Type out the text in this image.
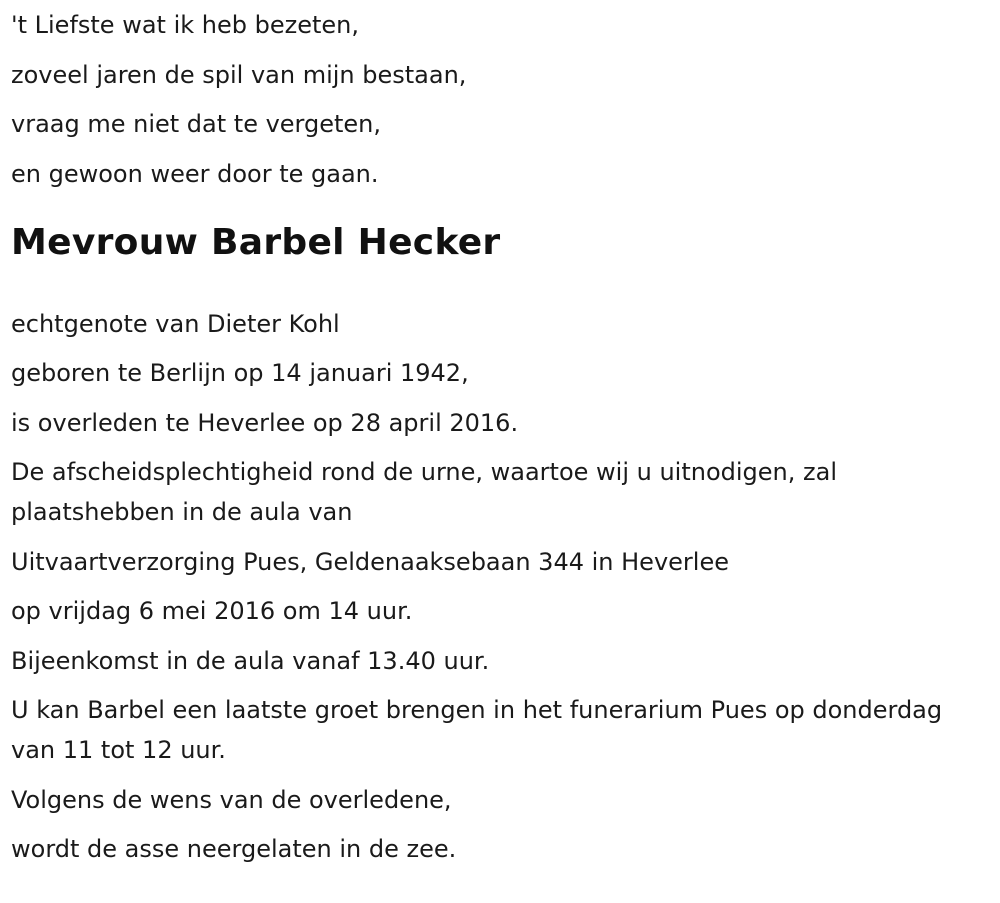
't Liefste wat ik heb bezeten,
zoveel jaren de spil van mijn bestaan,
vraag me niet dat te vergeten,
en gewoon weer door te gaan.
Mevrouw Barbel Hecker
echtgenote van Dieter Kohl
geboren te Berlijn op 14 januari 1942,
is overleden te Heverlee op 28 april 2016.
De afscheidsplechtigheid rond de urne, waartoe wij u uitnodigen, zal plaatshebben in de aula van
Uitvaartverzorging Pues, Geldenaaksebaan 344 in Heverlee
op vrijdag 6 mei 2016 om 14 uur.
Bijeenkomst in de aula vanaf 13.40 uur.
U kan Barbel een laatste groet brengen in het funerarium Pues op donderdag van 11 tot 12 uur.
Volgens de wens van de overledene,
wordt de asse neergelaten in de zee.
